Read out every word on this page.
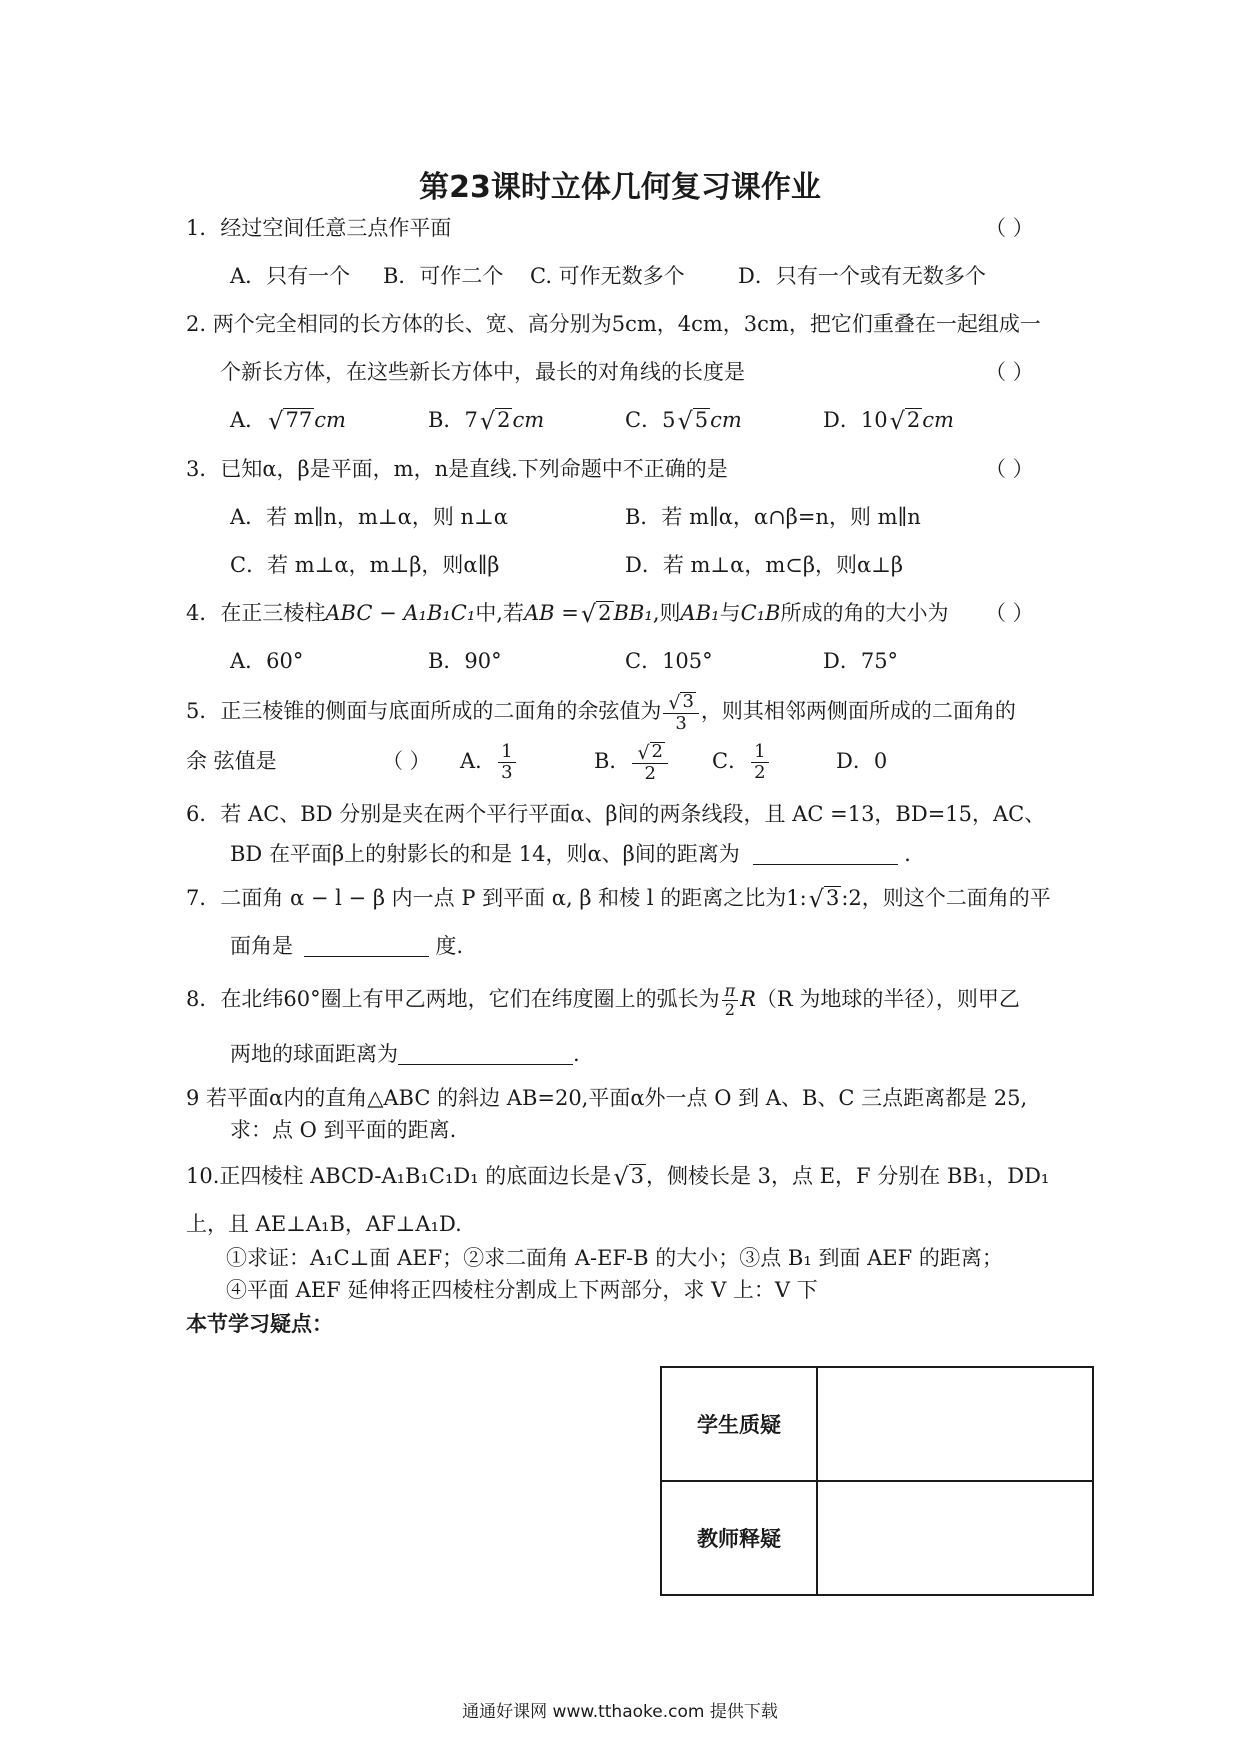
第23课时立体几何复习课作业
1．经过空间任意三点作平面	（ ）
A．只有一个 B．可作二个 C. 可作无数多个	D．只有一个或有无数多个
2. 两个完全相同的长方体的长、宽、高分别为5cm，4cm，3cm，把它们重叠在一起组成一
个新长方体，在这些新长方体中，最长的对角线的长度是	（ ）
A．√77cm	B．7√2cm	C．5√5cm	D．10√2cm
3．已知α，β是平面，m，n是直线.下列命题中不正确的是	（ ）
A．若 m∥n，m⊥α，则 n⊥α	B．若 m∥α，α∩β=n，则 m∥n
C．若 m⊥α，m⊥β，则α∥β	D．若 m⊥α，m⊂β，则α⊥β
4．在正三棱柱ABC − A₁B₁C₁中,若AB =√2BB₁,则AB₁与C₁B所成的角的大小为 （ ）
A．60°	B．90°	C．105°	D．75°
5．正三棱锥的侧面与底面所成的二面角的余弦值为 $\frac{√ 3}{3}$ ，则其相邻两侧面所成的二面角的
余 弦值是	（ ） A． $\frac{1}{3}$	B． $\frac{√ 2}{2}$ C． $\frac{1}{2}$	D．0
6．若 AC、BD 分别是夹在两个平行平面α、β间的两条线段，且 AC =13，BD=15，AC、
BD 在平面β上的射影长的和是 14，则α、β间的距离为	．
7．二面角 α − l − β 内一点 P 到平面 α, β 和棱 l 的距离之比为1:√3:2，则这个二面角的平
面角是	度.
8．在北纬60°圈上有甲乙两地，它们在纬度圈上的弧长为 $\frac{\pi}{2} R(R$ 为地球的半径），则甲乙
两地的球面距离为	.
9 若平面α内的直角△ABC 的斜边 AB=20,平面α外一点 O 到 A、B、C 三点距离都是 25,
求：点 O 到平面的距离.
10.正四棱柱 ABCD-A₁B₁C₁D₁ 的底面边长是√3，侧棱长是 3，点 E，F 分别在 BB₁，DD₁
上，且 AE⊥A₁B，AF⊥A₁D.
①求证：A₁C⊥面 AEF；②求二面角 A-EF-B 的大小；③点 B₁ 到面 AEF 的距离；
④平面 AEF 延伸将正四棱柱分割成上下两部分，求 V 上：V 下
本节学习疑点：
学生质疑	
教师释疑	
通通好课网 www.tthaoke.com 提供下载
